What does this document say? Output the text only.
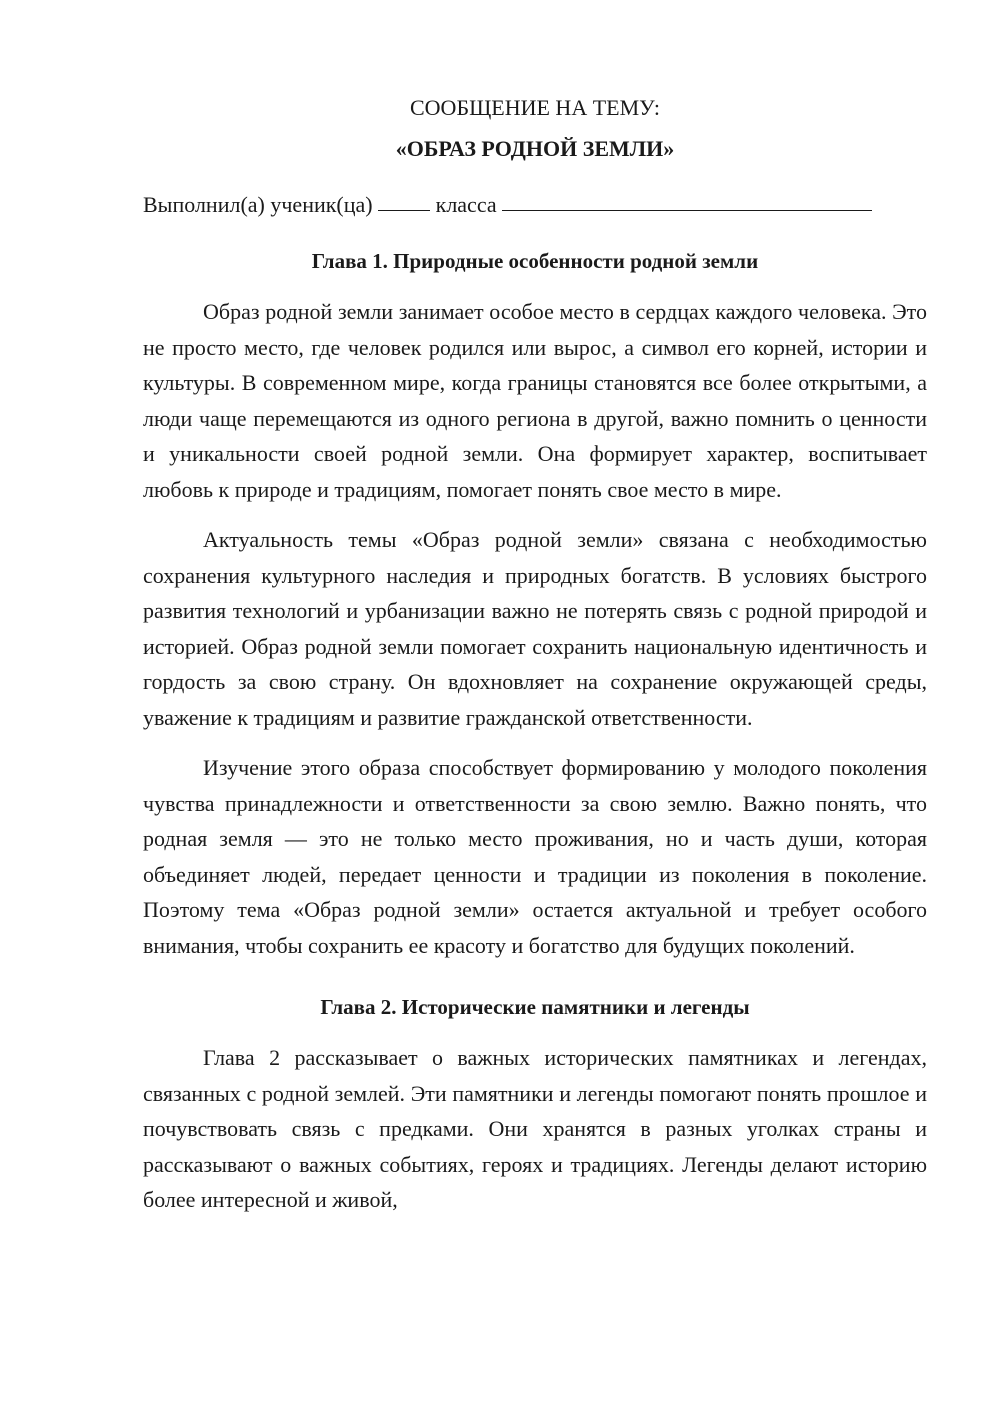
СООБЩЕНИЕ НА ТЕМУ:
«ОБРАЗ РОДНОЙ ЗЕМЛИ»
Выполнил(а) ученик(ца)	класса
Глава 1. Природные особенности родной земли

Образ родной земли занимает особое место в сердцах каждого человека. Это не просто место, где человек родился или вырос, а символ его корней, истории и культуры. В современном мире, когда границы становятся все более открытыми, а люди чаще перемещаются из одного региона в другой, важно помнить о ценности и уникальности своей родной земли. Она формирует характер, воспитывает любовь к природе и традициям, помогает понять свое место в мире.

Актуальность темы «Образ родной земли» связана с необходимостью сохранения культурного наследия и природных богатств. В условиях быстрого развития технологий и урбанизации важно не потерять связь с родной природой и историей. Образ родной земли помогает сохранить национальную идентичность и гордость за свою страну. Он вдохновляет на сохранение окружающей среды, уважение к традициям и развитие гражданской ответственности.

Изучение этого образа способствует формированию у молодого поколения чувства принадлежности и ответственности за свою землю. Важно понять, что родная земля — это не только место проживания, но и часть души, которая объединяет людей, передает ценности и традиции из поколения в поколение. Поэтому тема «Образ родной земли» остается актуальной и требует особого внимания, чтобы сохранить ее красоту и богатство для будущих поколений.

Глава 2. Исторические памятники и легенды

Глава 2 рассказывает о важных исторических памятниках и легендах, связанных с родной землей. Эти памятники и легенды помогают понять прошлое и почувствовать связь с предками. Они хранятся в разных уголках страны и рассказывают о важных событиях, героях и традициях. Легенды делают историю более интересной и живой,
